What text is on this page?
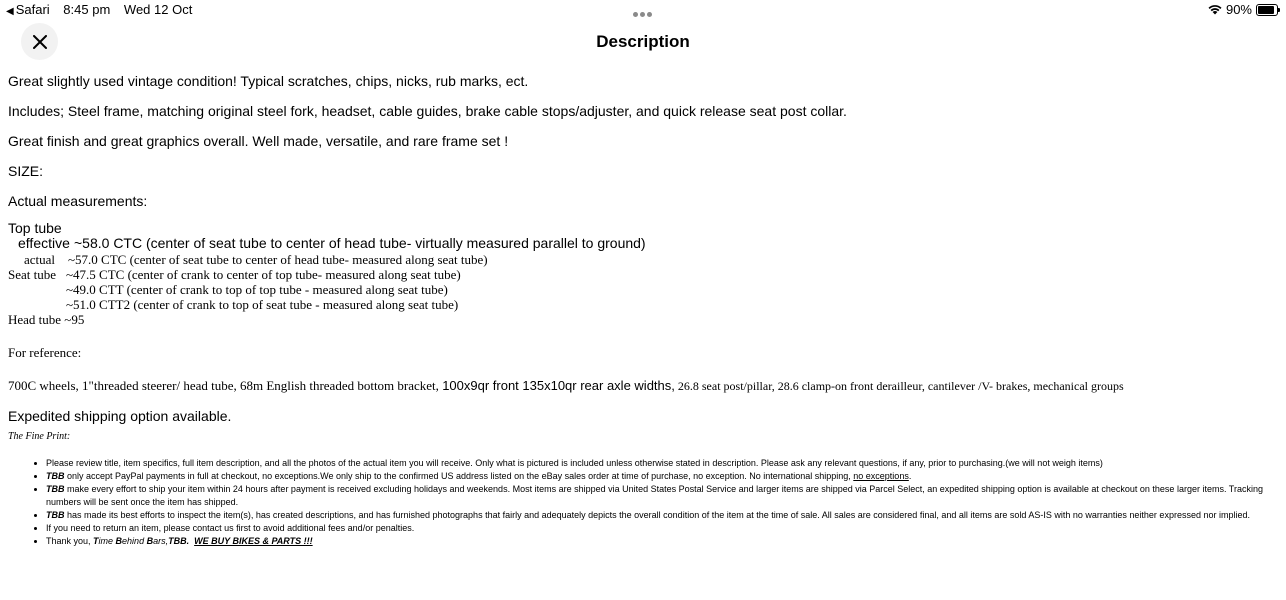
◀ Safari 8:45 pm Wed 12 Oct	90%
Description

Great slightly used vintage condition! Typical scratches, chips, nicks, rub marks, ect.

Includes; Steel frame, matching original steel fork, headset, cable guides, brake cable stops/adjuster, and quick release seat post collar.

Great finish and great graphics overall. Well made, versatile, and rare frame set !

SIZE:

Actual measurements:

Top tube
effective ~58.0 CTC (center of seat tube to center of head tube- virtually measured parallel to ground)
actual ~57.0 CTC (center of seat tube to center of head tube- measured along seat tube)
Seat tube ~47.5 CTC (center of crank to center of top tube- measured along seat tube)
~49.0 CTT (center of crank to top of top tube - measured along seat tube)
~51.0 CTT2 (center of crank to top of seat tube - measured along seat tube)
Head tube ~95

For reference:

700C wheels, 1"threaded steerer/ head tube, 68m English threaded bottom bracket, 100x9qr front 135x10qr rear axle widths, 26.8 seat post/pillar, 28.6 clamp-on front derailleur, cantilever /V- brakes, mechanical groups

Expedited shipping option available.

The Fine Print:
• Please review title, item specifics, full item description, and all the photos of the actual item you will receive. Only what is pictured is included unless otherwise stated in description. Please ask any relevant questions, if any, prior to purchasing.(we will not weigh items)
• TBB only accept PayPal payments in full at checkout, no exceptions.We only ship to the confirmed US address listed on the eBay sales order at time of purchase, no exception. No international shipping, no exceptions.
• TBB make every effort to ship your item within 24 hours after payment is received excluding holidays and weekends. Most items are shipped via United States Postal Service and larger items are shipped via Parcel Select, an expedited shipping option is available at checkout on these larger items. Tracking numbers will be sent once the item has shipped.
• TBB has made its best efforts to inspect the item(s), has created descriptions, and has furnished photographs that fairly and adequately depicts the overall condition of the item at the time of sale. All sales are considered final, and all items are sold AS-IS with no warranties neither expressed nor implied.
• If you need to return an item, please contact us first to avoid additional fees and/or penalties.
• Thank you, Time Behind Bars,TBB. WE BUY BIKES & PARTS !!!
